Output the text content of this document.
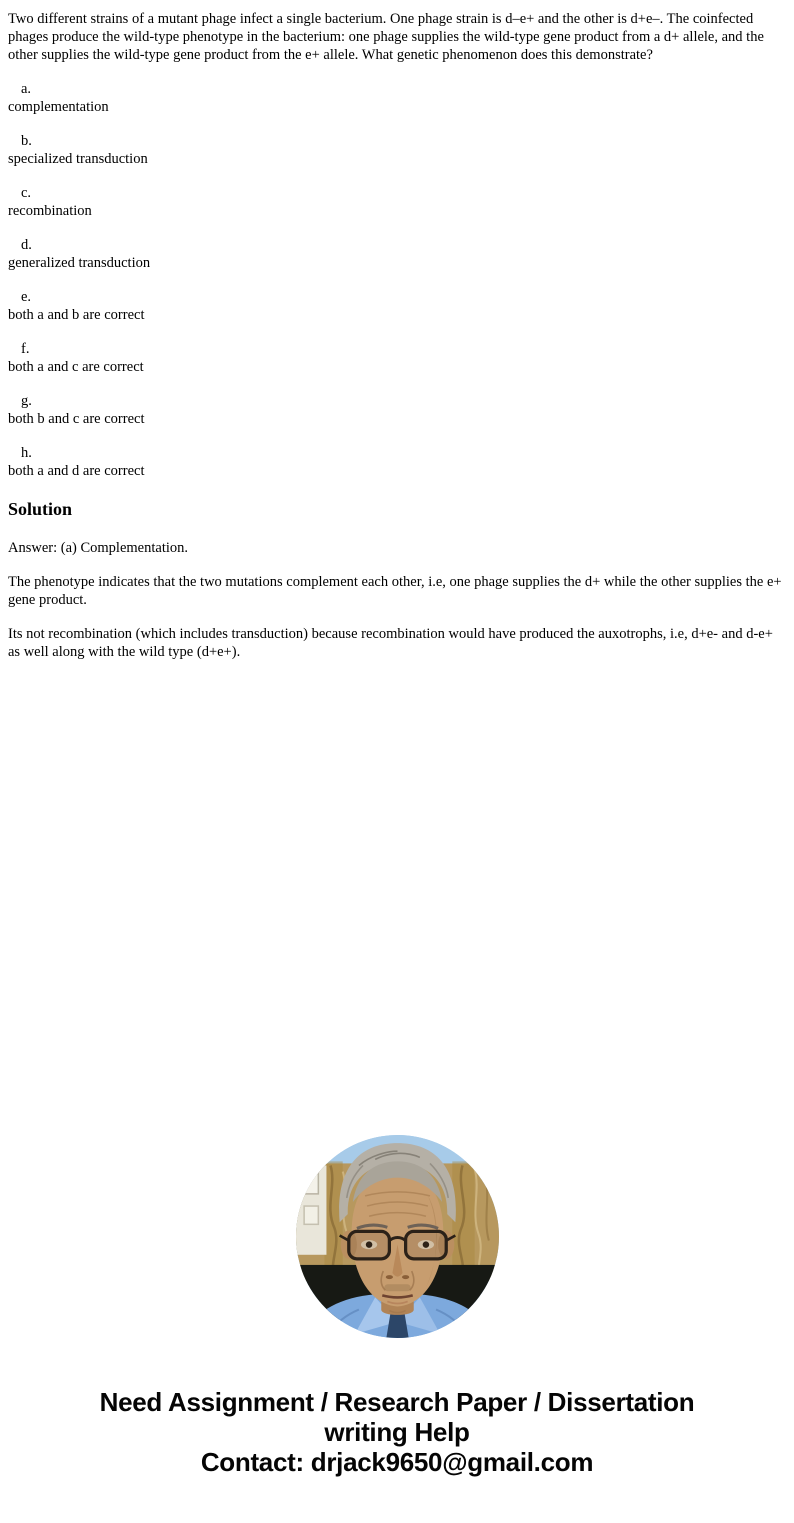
Two different strains of a mutant phage infect a single bacterium. One phage strain is d–e+ and the other is d+e–. The coinfected phages produce the wild-type phenotype in the bacterium: one phage supplies the wild-type gene product from a d+ allele, and the other supplies the wild-type gene product from the e+ allele. What genetic phenomenon does this demonstrate?

a.
complementation
b.
specialized transduction
c.
recombination
d.
generalized transduction
e.
both a and b are correct
f.
both a and c are correct
g.
both b and c are correct
h.
both a and d are correct
Solution

Answer: (a) Complementation.

The phenotype indicates that the two mutations complement each other, i.e, one phage supplies the d+ while the other supplies the e+ gene product.

Its not recombination (which includes transduction) because recombination would have produced the auxotrophs, i.e, d+e- and d-e+ as well along with the wild type (d+e+).

Need Assignment / Research Paper / Dissertation
writing Help
Contact: drjack9650@gmail.com
